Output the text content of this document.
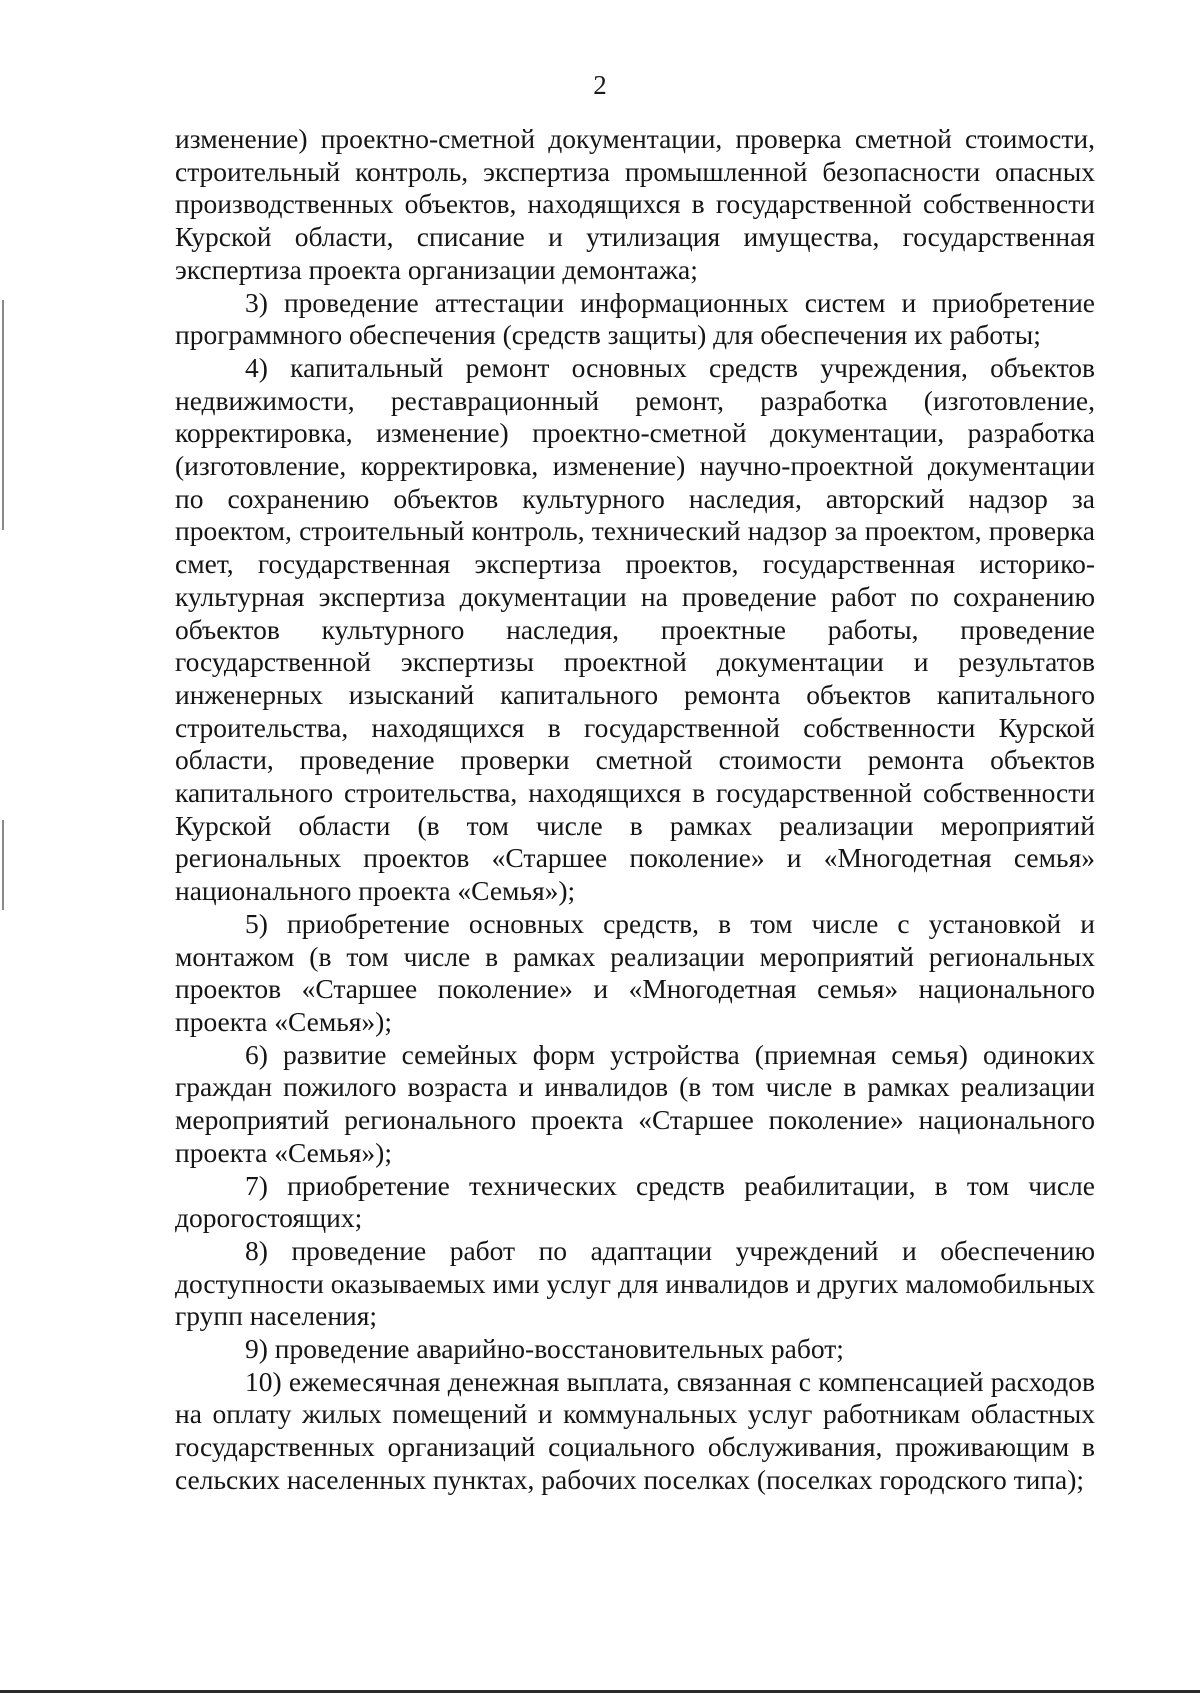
2

изменение) проектно-сметной документации, проверка сметной стоимости, строительный контроль, экспертиза промышленной безопасности опасных производственных объектов, находящихся в государственной собственности Курской области, списание и утилизация имущества, государственная экспертиза проекта организации демонтажа;

3) проведение аттестации информационных систем и приобретение программного обеспечения (средств защиты) для обеспечения их работы;

4) капитальный ремонт основных средств учреждения, объектов недвижимости, реставрационный ремонт, разработка (изготовление, корректировка, изменение) проектно-сметной документации, разработка (изготовление, корректировка, изменение) научно-проектной документации по сохранению объектов культурного наследия, авторский надзор за проектом, строительный контроль, технический надзор за проектом, проверка смет, государственная экспертиза проектов, государственная историко-культурная экспертиза документации на проведение работ по сохранению объектов культурного наследия, проектные работы, проведение государственной экспертизы проектной документации и результатов инженерных изысканий капитального ремонта объектов капитального строительства, находящихся в государственной собственности Курской области, проведение проверки сметной стоимости ремонта объектов капитального строительства, находящихся в государственной собственности Курской области (в том числе в рамках реализации мероприятий региональных проектов «Старшее поколение» и «Многодетная семья» национального проекта «Семья»);

5) приобретение основных средств, в том числе с установкой и монтажом (в том числе в рамках реализации мероприятий региональных проектов «Старшее поколение» и «Многодетная семья» национального проекта «Семья»);

6) развитие семейных форм устройства (приемная семья) одиноких граждан пожилого возраста и инвалидов (в том числе в рамках реализации мероприятий регионального проекта «Старшее поколение» национального проекта «Семья»);

7) приобретение технических средств реабилитации, в том числе дорогостоящих;

8) проведение работ по адаптации учреждений и обеспечению доступности оказываемых ими услуг для инвалидов и других маломобильных групп населения;

9) проведение аварийно-восстановительных работ;

10) ежемесячная денежная выплата, связанная с компенсацией расходов на оплату жилых помещений и коммунальных услуг работникам областных государственных организаций социального обслуживания, проживающим в сельских населенных пунктах, рабочих поселках (поселках городского типа);
